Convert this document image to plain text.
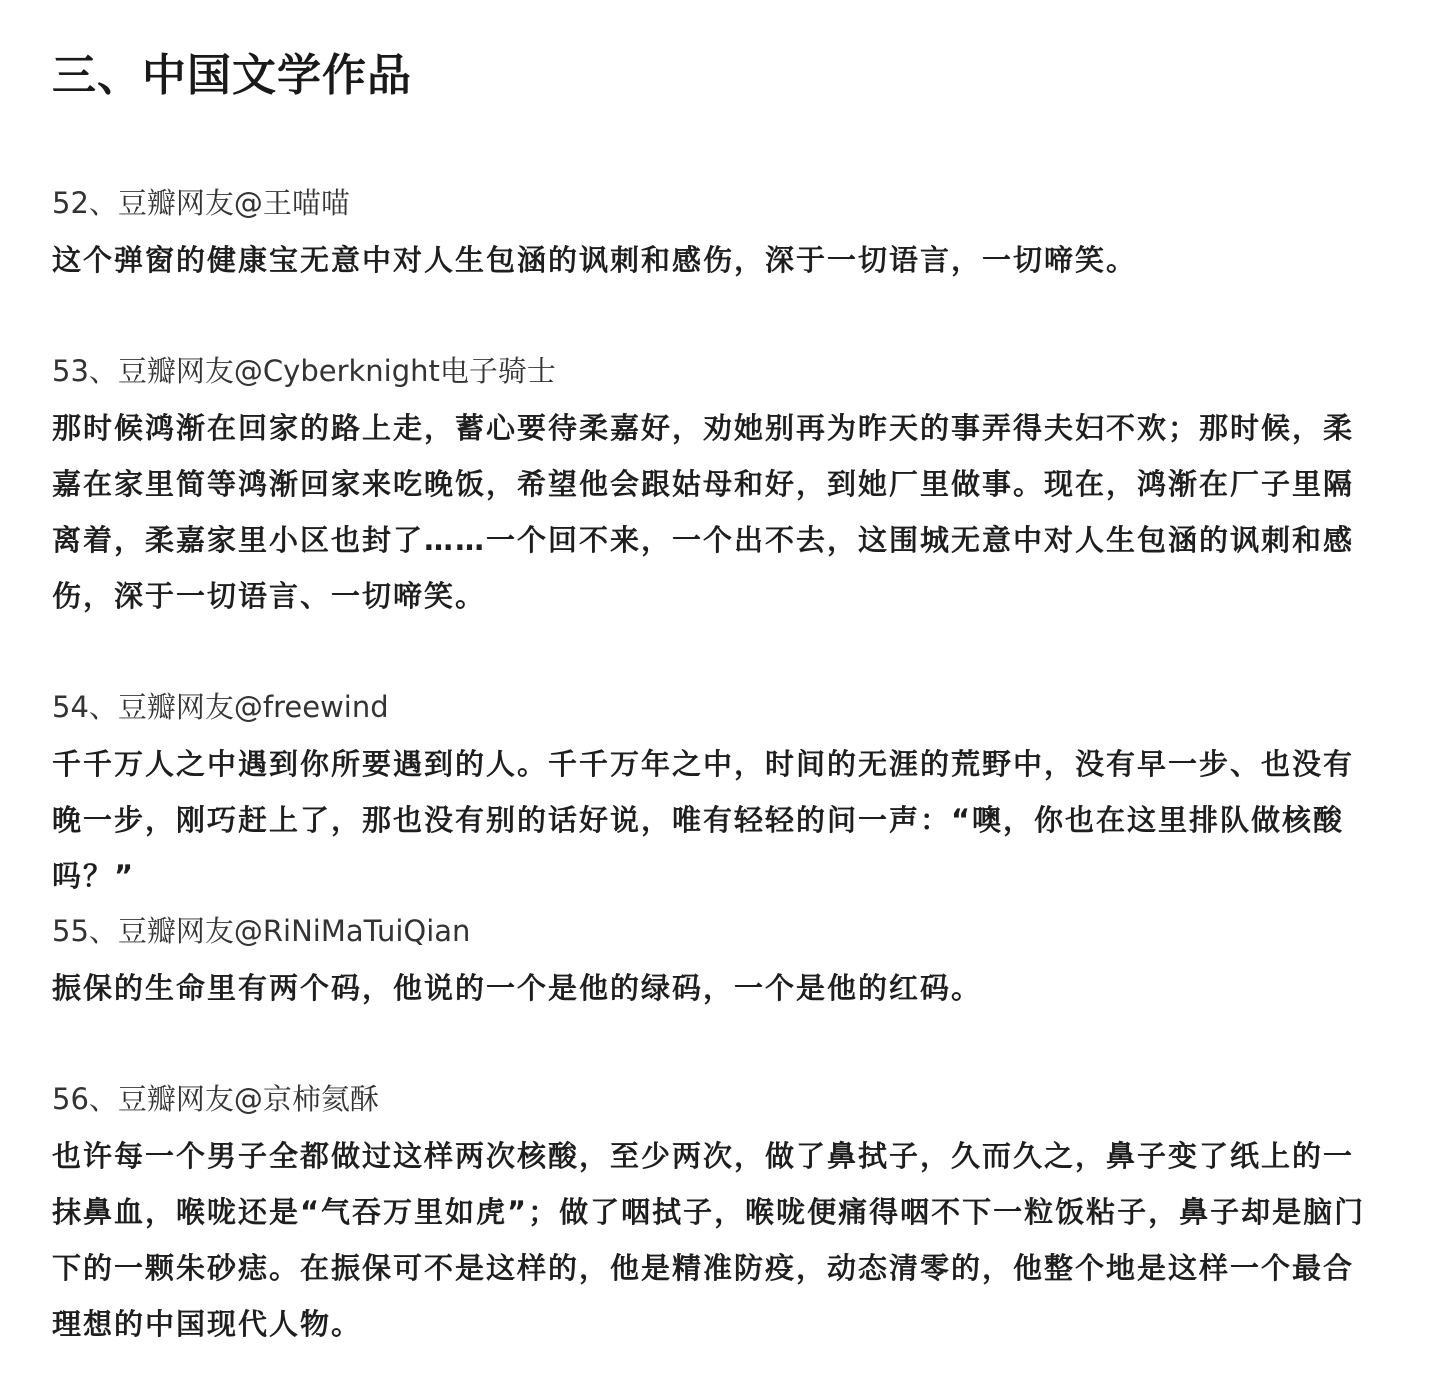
三、中国文学作品

52、豆瓣网友@王喵喵

这个弹窗的健康宝无意中对人生包涵的讽刺和感伤，深于一切语言，一切啼笑。

53、豆瓣网友@Cyberknight电子骑士

那时候鸿渐在回家的路上走，蓄心要待柔嘉好，劝她别再为昨天的事弄得夫妇不欢；那时候，柔嘉在家里简等鸿渐回家来吃晚饭，希望他会跟姑母和好，到她厂里做事。现在，鸿渐在厂子里隔离着，柔嘉家里小区也封了……一个回不来，一个出不去，这围城无意中对人生包涵的讽刺和感伤，深于一切语言、一切啼笑。

54、豆瓣网友@freewind

千千万人之中遇到你所要遇到的人。千千万年之中，时间的无涯的荒野中，没有早一步、也没有晚一步，刚巧赶上了，那也没有别的话好说，唯有轻轻的问一声：“噢，你也在这里排队做核酸吗？”

55、豆瓣网友@RiNiMaTuiQian

振保的生命里有两个码，他说的一个是他的绿码，一个是他的红码。

56、豆瓣网友@京柿氦酥

也许每一个男子全都做过这样两次核酸，至少两次，做了鼻拭子，久而久之，鼻子变了纸上的一抹鼻血，喉咙还是“气吞万里如虎”；做了咽拭子，喉咙便痛得咽不下一粒饭粘子，鼻子却是脑门下的一颗朱砂痣。在振保可不是这样的，他是精准防疫，动态清零的，他整个地是这样一个最合理想的中国现代人物。
